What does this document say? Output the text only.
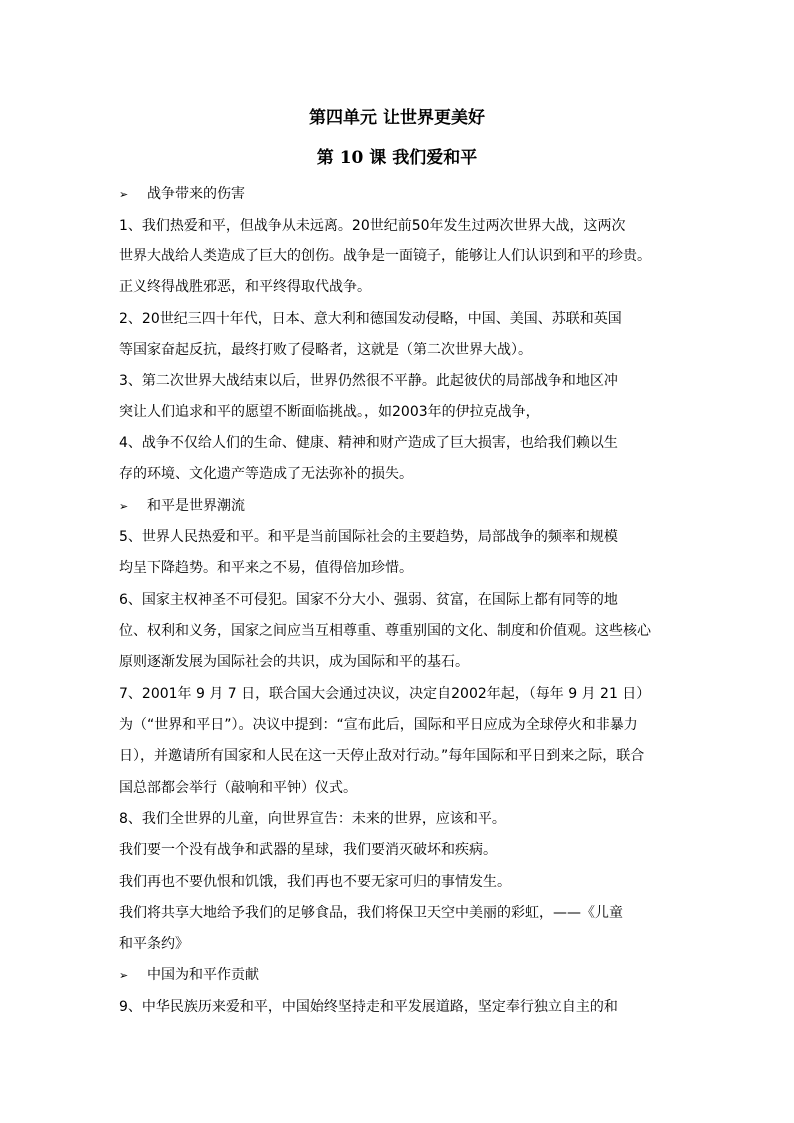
第四单元 让世界更美好
第 10 课 我们爱和平

➢ 战争带来的伤害

1、我们热爱和平，但战争从未远离。20世纪前50年发生过两次世界大战，这两次

世界大战给人类造成了巨大的创伤。战争是一面镜子，能够让人们认识到和平的珍贵。

正义终得战胜邪恶，和平终得取代战争。

2、20世纪三四十年代，日本、意大利和德国发动侵略，中国、美国、苏联和英国

等国家奋起反抗，最终打败了侵略者，这就是（第二次世界大战）。

3、第二次世界大战结束以后，世界仍然很不平静。此起彼伏的局部战争和地区冲

突让人们追求和平的愿望不断面临挑战。，如2003年的伊拉克战争，

4、战争不仅给人们的生命、健康、精神和财产造成了巨大损害，也给我们赖以生

存的环境、文化遗产等造成了无法弥补的损失。

➢ 和平是世界潮流

5、世界人民热爱和平。和平是当前国际社会的主要趋势，局部战争的频率和规模

均呈下降趋势。和平来之不易，值得倍加珍惜。

6、国家主权神圣不可侵犯。国家不分大小、强弱、贫富，在国际上都有同等的地

位、权利和义务，国家之间应当互相尊重、尊重别国的文化、制度和价值观。这些核心

原则逐渐发展为国际社会的共识，成为国际和平的基石。

7、2001年 9 月 7 日，联合国大会通过决议，决定自2002年起，（每年 9 月 21 日）

为（“世界和平日”）。决议中提到：“宣布此后，国际和平日应成为全球停火和非暴力

日），并邀请所有国家和人民在这一天停止敌对行动。”每年国际和平日到来之际，联合

国总部都会举行（敲响和平钟）仪式。

8、我们全世界的儿童，向世界宣告：未来的世界，应该和平。

我们要一个没有战争和武器的星球，我们要消灭破坏和疾病。

我们再也不要仇恨和饥饿，我们再也不要无家可归的事情发生。

我们将共享大地给予我们的足够食品，我们将保卫天空中美丽的彩虹，——《儿童

和平条约》

➢ 中国为和平作贡献

9、中华民族历来爱和平，中国始终坚持走和平发展道路，坚定奉行独立自主的和
